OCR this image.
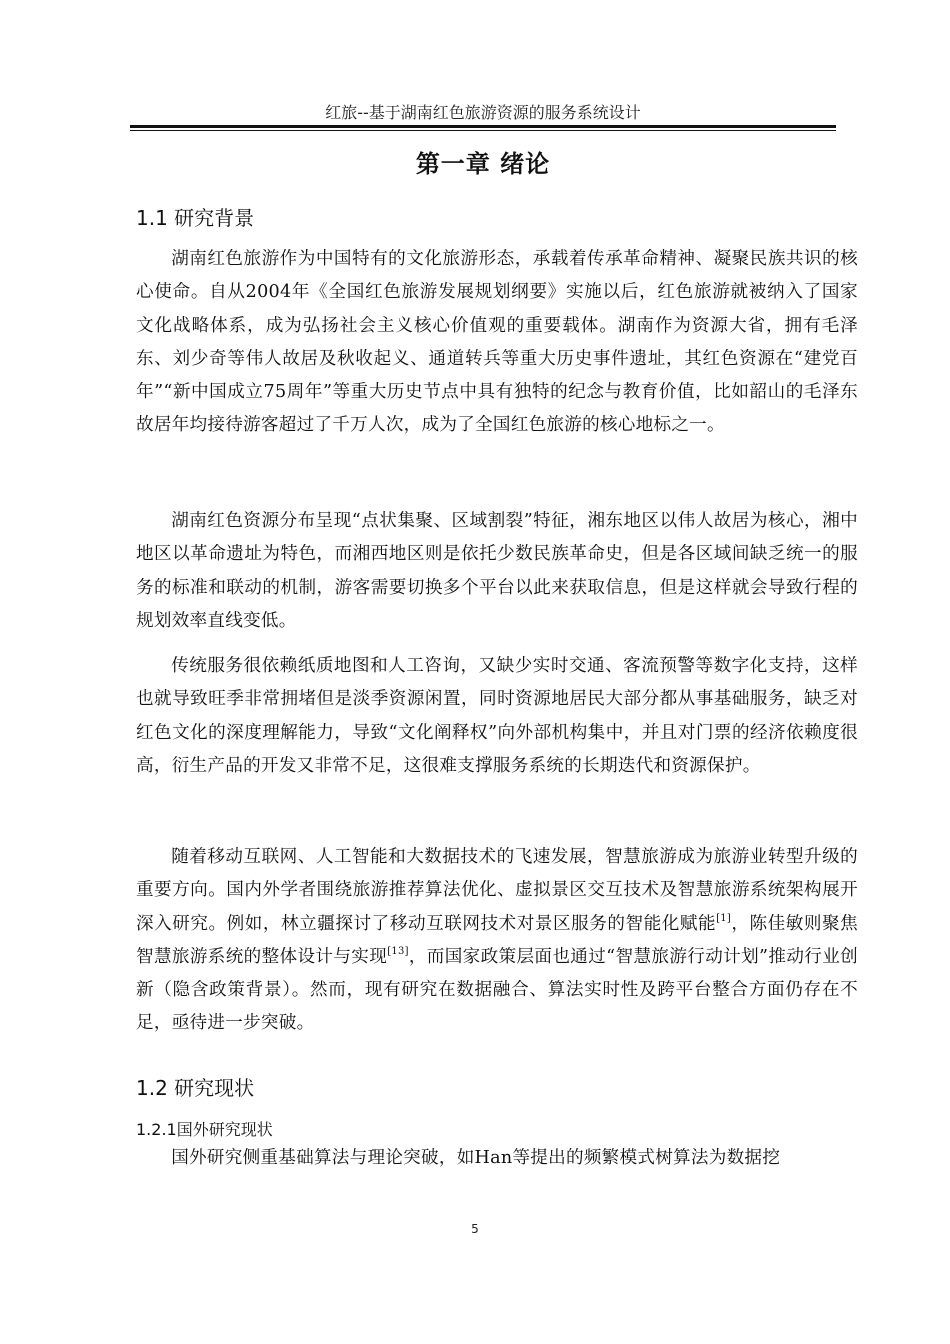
红旅--基于湖南红色旅游资源的服务系统设计
第一章 绪论
1.1 研究背景
湖南红色旅游作为中国特有的文化旅游形态，承载着传承革命精神、凝聚民族共识的核心使命。自从2004年《全国红色旅游发展规划纲要》实施以后，红色旅游就被纳入了国家文化战略体系，成为弘扬社会主义核心价值观的重要载体。湖南作为资源大省，拥有毛泽东、刘少奇等伟人故居及秋收起义、通道转兵等重大历史事件遗址，其红色资源在“建党百年”“新中国成立75周年”等重大历史节点中具有独特的纪念与教育价值，比如韶山的毛泽东故居年均接待游客超过了千万人次，成为了全国红色旅游的核心地标之一。
湖南红色资源分布呈现“点状集聚、区域割裂”特征，湘东地区以伟人故居为核心，湘中地区以革命遗址为特色，而湘西地区则是依托少数民族革命史，但是各区域间缺乏统一的服务的标准和联动的机制，游客需要切换多个平台以此来获取信息，但是这样就会导致行程的规划效率直线变低。
传统服务很依赖纸质地图和人工咨询，又缺少实时交通、客流预警等数字化支持，这样也就导致旺季非常拥堵但是淡季资源闲置，同时资源地居民大部分都从事基础服务，缺乏对红色文化的深度理解能力，导致“文化阐释权”向外部机构集中，并且对门票的经济依赖度很高，衍生产品的开发又非常不足，这很难支撑服务系统的长期迭代和资源保护。
随着移动互联网、人工智能和大数据技术的飞速发展，智慧旅游成为旅游业转型升级的重要方向。国内外学者围绕旅游推荐算法优化、虚拟景区交互技术及智慧旅游系统架构展开深入研究。例如，林立疆探讨了移动互联网技术对景区服务的智能化赋能[1]，陈佳敏则聚焦智慧旅游系统的整体设计与实现[13]，而国家政策层面也通过“智慧旅游行动计划”推动行业创新（隐含政策背景）。然而，现有研究在数据融合、算法实时性及跨平台整合方面仍存在不足，亟待进一步突破。
1.2 研究现状
1.2.1国外研究现状
国外研究侧重基础算法与理论突破，如Han等提出的频繁模式树算法为数据挖
5
